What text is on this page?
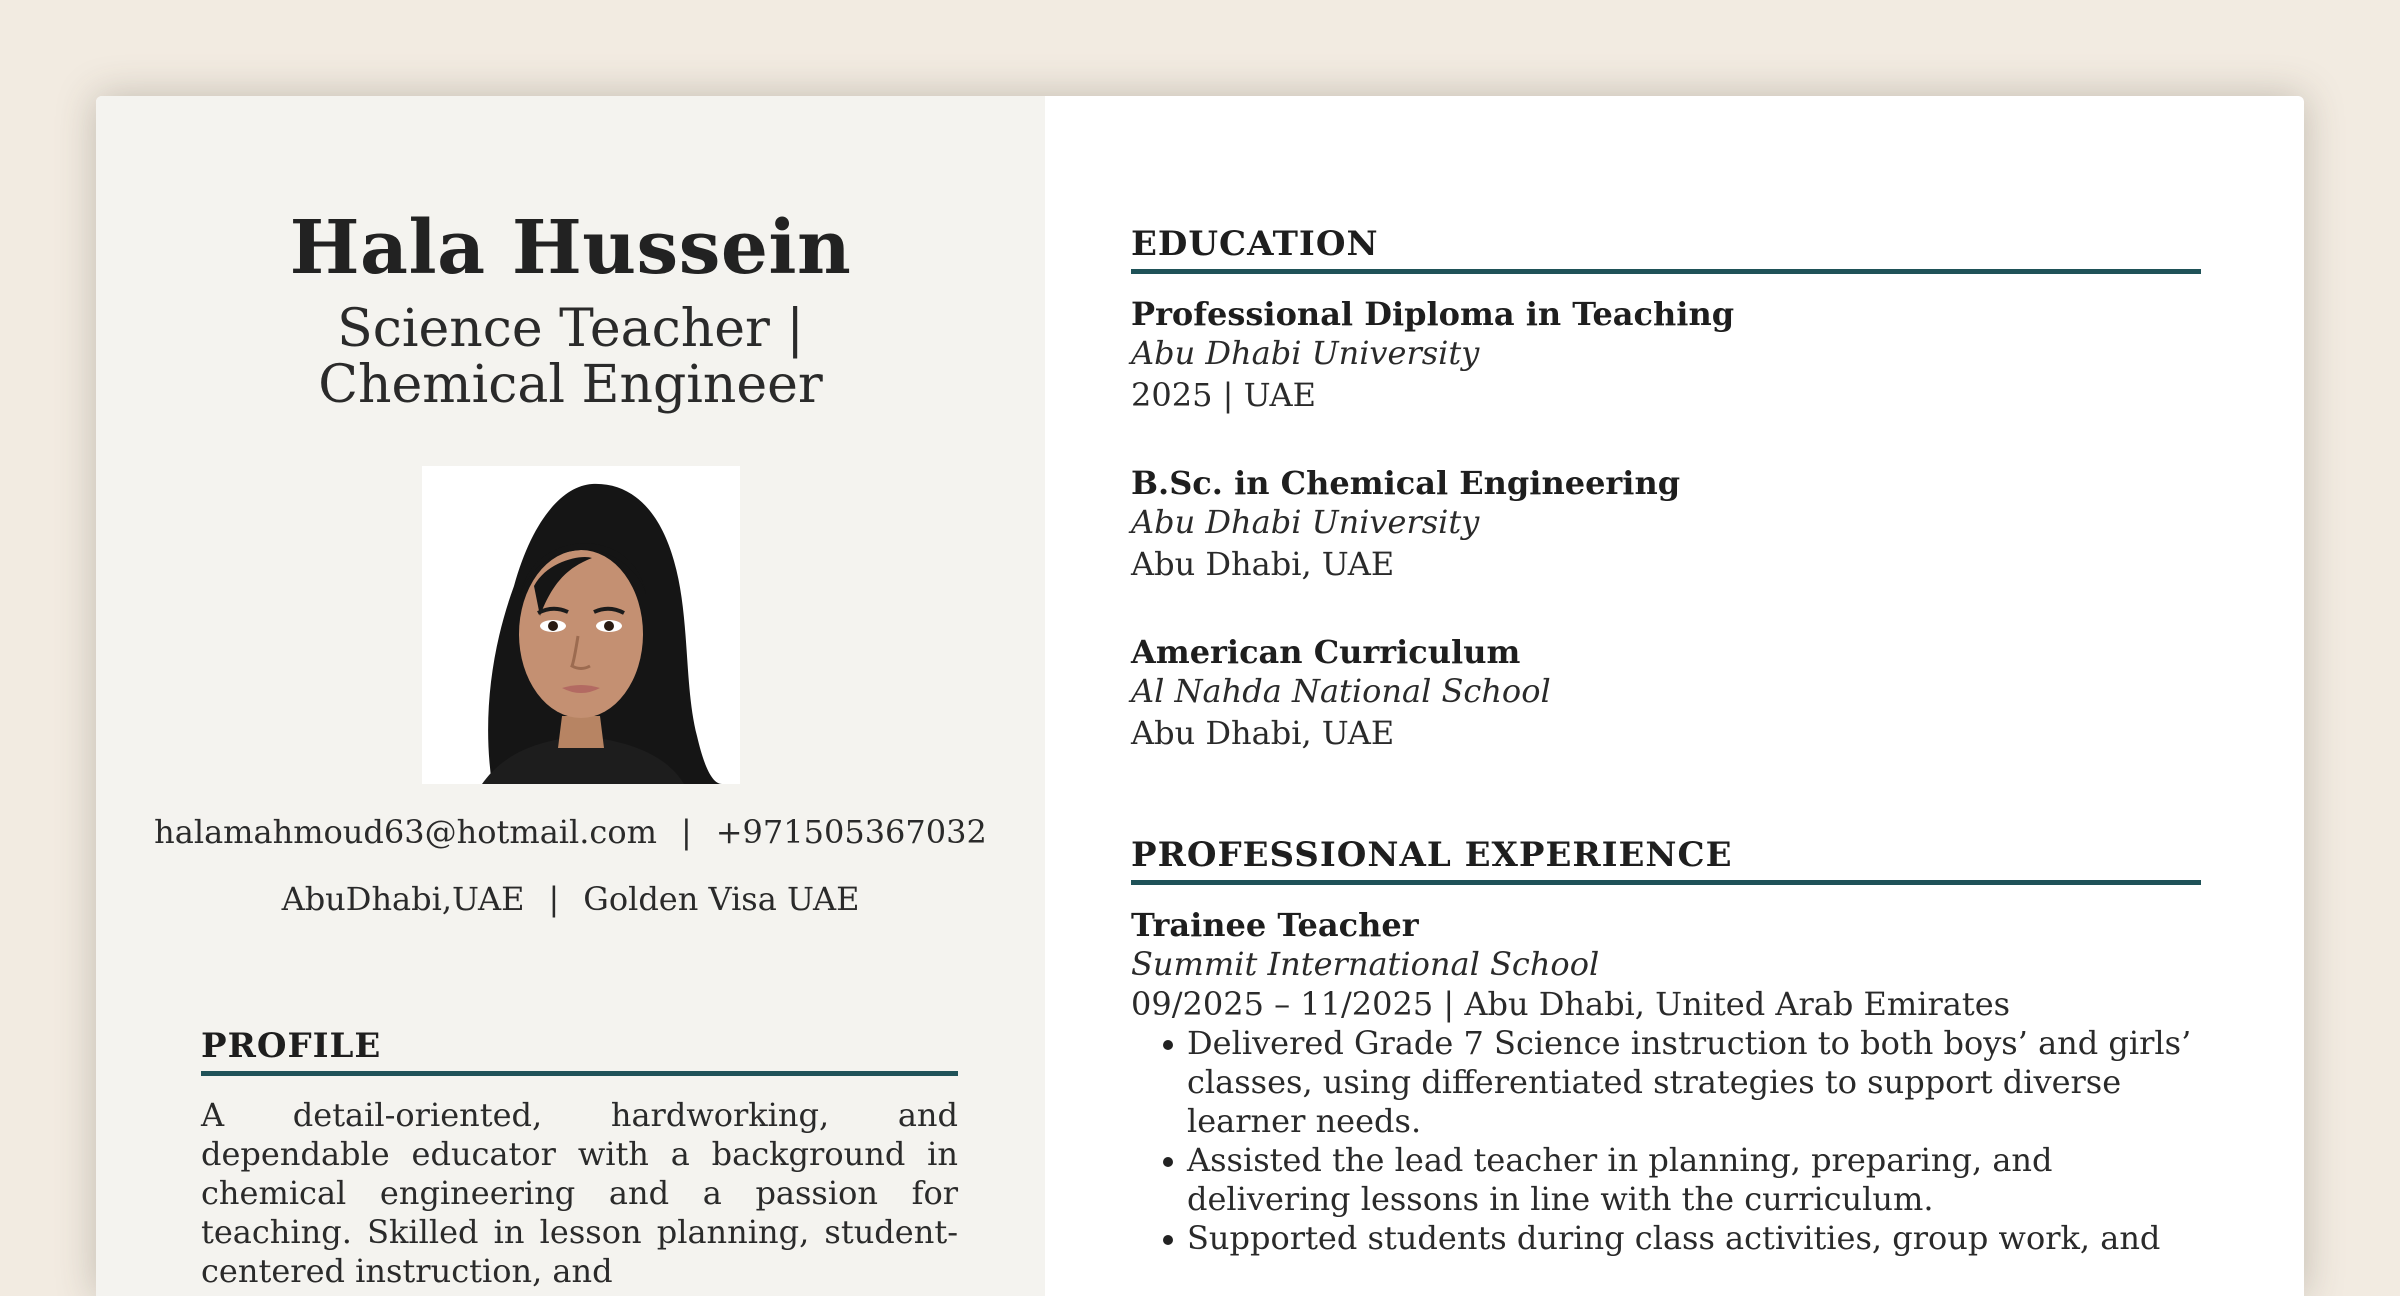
Hala Hussein
Science Teacher | Chemical Engineer
halamahmoud63@hotmail.com | +971505367032
AbuDhabi,UAE | Golden Visa UAE
PROFILE
A detail-oriented, hardworking, and dependable educator with a background in chemical engineering and a passion for teaching. Skilled in lesson planning, student-centered instruction, and
EDUCATION
Professional Diploma in Teaching
Abu Dhabi University
2025 | UAE
B.Sc. in Chemical Engineering
Abu Dhabi University
Abu Dhabi, UAE
American Curriculum
Al Nahda National School
Abu Dhabi, UAE
PROFESSIONAL EXPERIENCE
Trainee Teacher
Summit International School
09/2025 – 11/2025 | Abu Dhabi, United Arab Emirates
Delivered Grade 7 Science instruction to both boys’ and girls’ classes, using differentiated strategies to support diverse learner needs.
Assisted the lead teacher in planning, preparing, and delivering lessons in line with the curriculum.
Supported students during class activities, group work, and
